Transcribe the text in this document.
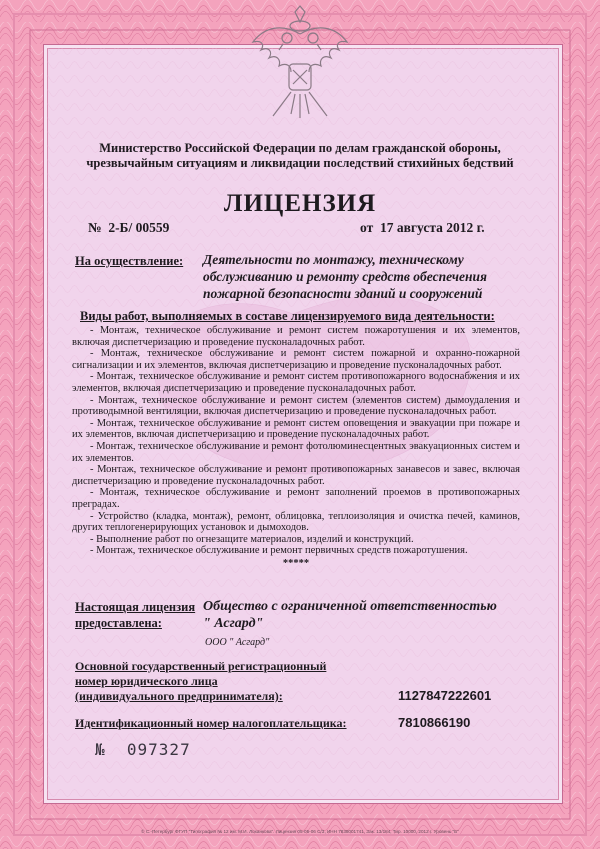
Министерство Российской Федерации по делам гражданской обороны,
чрезвычайным ситуациям и ликвидации последствий стихийных бедствий
ЛИЦЕНЗИЯ
№  2-Б/ 00559	от  17 августа 2012 г.
На осуществление: Деятельности по монтажу, техническому
обслуживанию и ремонту средств обеспечения
пожарной безопасности зданий и сооружений
Виды работ, выполняемых в составе лицензируемого вида деятельности:

- Монтаж, техническое обслуживание и ремонт систем пожаротушения и их элементов, включая диспетчеризацию и проведение пусконаладочных работ.

- Монтаж, техническое обслуживание и ремонт систем пожарной и охранно-пожарной сигнализации и их элементов, включая диспетчеризацию и проведение пусконаладочных работ.

- Монтаж, техническое обслуживание и ремонт систем противопожарного водоснабжения и их элементов, включая диспетчеризацию и проведение пусконаладочных работ.

- Монтаж, техническое обслуживание и ремонт систем (элементов систем) дымоудаления и противодымной вентиляции, включая диспетчеризацию и проведение пусконаладочных работ.

- Монтаж, техническое обслуживание и ремонт систем оповещения и эвакуации при пожаре и их элементов, включая диспетчеризацию и проведение пусконаладочных работ.

- Монтаж, техническое обслуживание и ремонт фотолюминесцентных эвакуационных систем и их элементов.

- Монтаж, техническое обслуживание и ремонт противопожарных занавесов и завес, включая диспетчеризацию и проведение пусконаладочных работ.

- Монтаж, техническое обслуживание и ремонт заполнений проемов в противопожарных преградах.

- Устройство (кладка, монтаж), ремонт, облицовка, теплоизоляция и очистка печей, каминов, других теплогенерирующих установок и дымоходов.

- Выполнение работ по огнезащите материалов, изделий и конструкций.

- Монтаж, техническое обслуживание и ремонт первичных средств пожаротушения.

*****

Настоящая лицензия
предоставлена:
Общество с ограниченной ответственностью
" Асгард"
ООО " Асгард"
Основной государственный регистрационный
номер юридического лица
(индивидуального предпринимателя):	1127847222601
Идентификационный номер налогоплательщика:	7810866190
№  097327
© С.-Петербург ФГУП "Типография № 12 им. М.И. Лоханкова". Лицензия 05-05-06 С/З, ИНН 7838001741, Зак. 13/184, Тир. 10000, 2012 г. Уровень "Б"
